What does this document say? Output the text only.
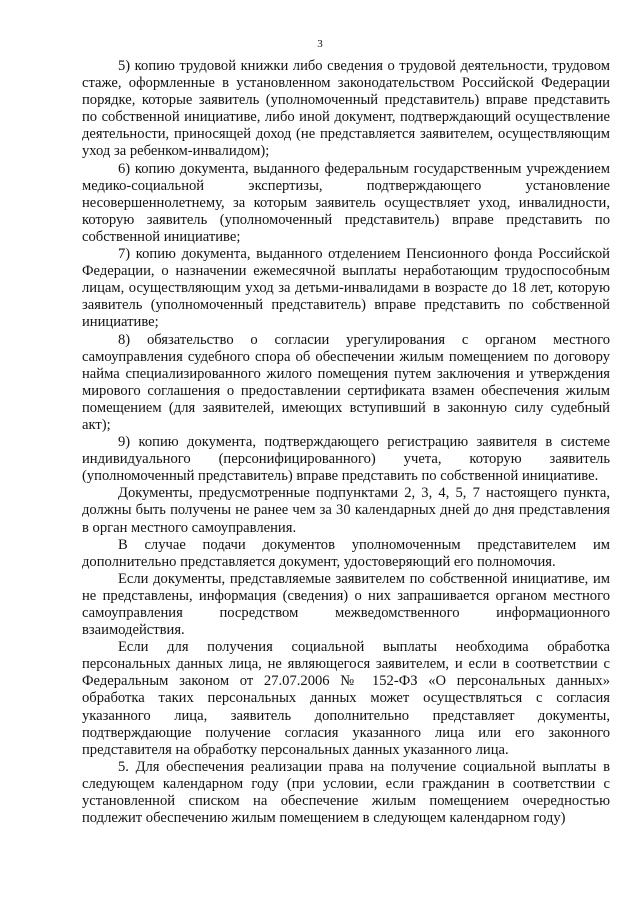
3

5) копию трудовой книжки либо сведения о трудовой деятельности, трудовом стаже, оформленные в установленном законодательством Российской Федерации порядке, которые заявитель (уполномоченный представитель) вправе представить по собственной инициативе, либо иной документ, подтверждающий осуществление деятельности, приносящей доход (не представляется заявителем, осуществляющим уход за ребенком-инвалидом);

6) копию документа, выданного федеральным государственным учреждением медико-социальной экспертизы, подтверждающего установление несовершеннолетнему, за которым заявитель осуществляет уход, инвалидности, которую заявитель (уполномоченный представитель) вправе представить по собственной инициативе;

7) копию документа, выданного отделением Пенсионного фонда Российской Федерации, о назначении ежемесячной выплаты неработающим трудоспособным лицам, осуществляющим уход за детьми-инвалидами в возрасте до 18 лет, которую заявитель (уполномоченный представитель) вправе представить по собственной инициативе;

8) обязательство о согласии урегулирования с органом местного самоуправления судебного спора об обеспечении жилым помещением по договору найма специализированного жилого помещения путем заключения и утверждения мирового соглашения о предоставлении сертификата взамен обеспечения жилым помещением (для заявителей, имеющих вступивший в законную силу судебный акт);

9) копию документа, подтверждающего регистрацию заявителя в системе индивидуального (персонифицированного) учета, которую заявитель (уполномоченный представитель) вправе представить по собственной инициативе.

Документы, предусмотренные подпунктами 2, 3, 4, 5, 7 настоящего пункта, должны быть получены не ранее чем за 30 календарных дней до дня представления в орган местного самоуправления.

В случае подачи документов уполномоченным представителем им дополнительно представляется документ, удостоверяющий его полномочия.

Если документы, представляемые заявителем по собственной инициативе, им не представлены, информация (сведения) о них запрашивается органом местного самоуправления посредством межведомственного информационного взаимодействия.

Если для получения социальной выплаты необходима обработка персональных данных лица, не являющегося заявителем, и если в соответствии с Федеральным законом от 27.07.2006 № 152-ФЗ «О персональных данных» обработка таких персональных данных может осуществляться с согласия указанного лица, заявитель дополнительно представляет документы, подтверждающие получение согласия указанного лица или его законного представителя на обработку персональных данных указанного лица.

5. Для обеспечения реализации права на получение социальной выплаты в следующем календарном году (при условии, если гражданин в соответствии с установленной списком на обеспечение жилым помещением очередностью подлежит обеспечению жилым помещением в следующем календарном году)
